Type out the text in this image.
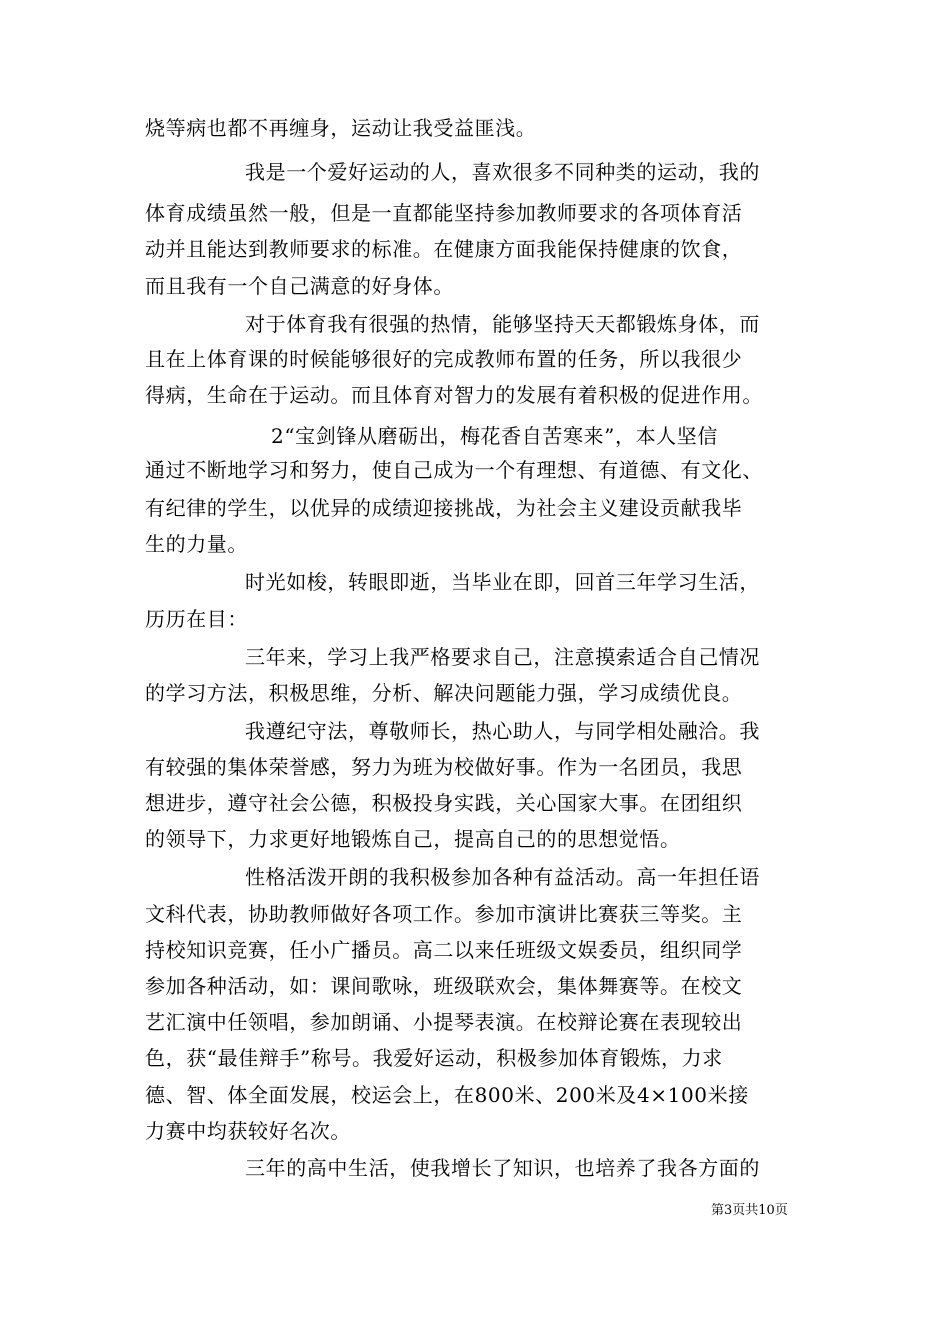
烧等病也都不再缠身，运动让我受益匪浅。
我是一个爱好运动的人，喜欢很多不同种类的运动，我的
体育成绩虽然一般，但是一直都能坚持参加教师要求的各项体育活
动并且能达到教师要求的标准。在健康方面我能保持健康的饮食，
而且我有一个自己满意的好身体。
对于体育我有很强的热情，能够坚持天天都锻炼身体，而
且在上体育课的时候能够很好的完成教师布置的任务，所以我很少
得病，生命在于运动。而且体育对智力的发展有着积极的促进作用。
2“宝剑锋从磨砺出，梅花香自苦寒来”，本人坚信
通过不断地学习和努力，使自己成为一个有理想、有道德、有文化、
有纪律的学生，以优异的成绩迎接挑战，为社会主义建设贡献我毕
生的力量。
时光如梭，转眼即逝，当毕业在即，回首三年学习生活，
历历在目：
三年来，学习上我严格要求自己，注意摸索适合自己情况
的学习方法，积极思维，分析、解决问题能力强，学习成绩优良。
我遵纪守法，尊敬师长，热心助人，与同学相处融洽。我
有较强的集体荣誉感，努力为班为校做好事。作为一名团员，我思
想进步，遵守社会公德，积极投身实践，关心国家大事。在团组织
的领导下，力求更好地锻炼自己，提高自己的的思想觉悟。
性格活泼开朗的我积极参加各种有益活动。高一年担任语
文科代表，协助教师做好各项工作。参加市演讲比赛获三等奖。主
持校知识竞赛，任小广播员。高二以来任班级文娱委员，组织同学
参加各种活动，如：课间歌咏，班级联欢会，集体舞赛等。在校文
艺汇演中任领唱，参加朗诵、小提琴表演。在校辩论赛在表现较出
色，获“最佳辩手”称号。我爱好运动，积极参加体育锻炼，力求
德、智、体全面发展，校运会上，在800米、200米及4×100米接
力赛中均获较好名次。
三年的高中生活，使我增长了知识，也培养了我各方面的
第3页共10页
